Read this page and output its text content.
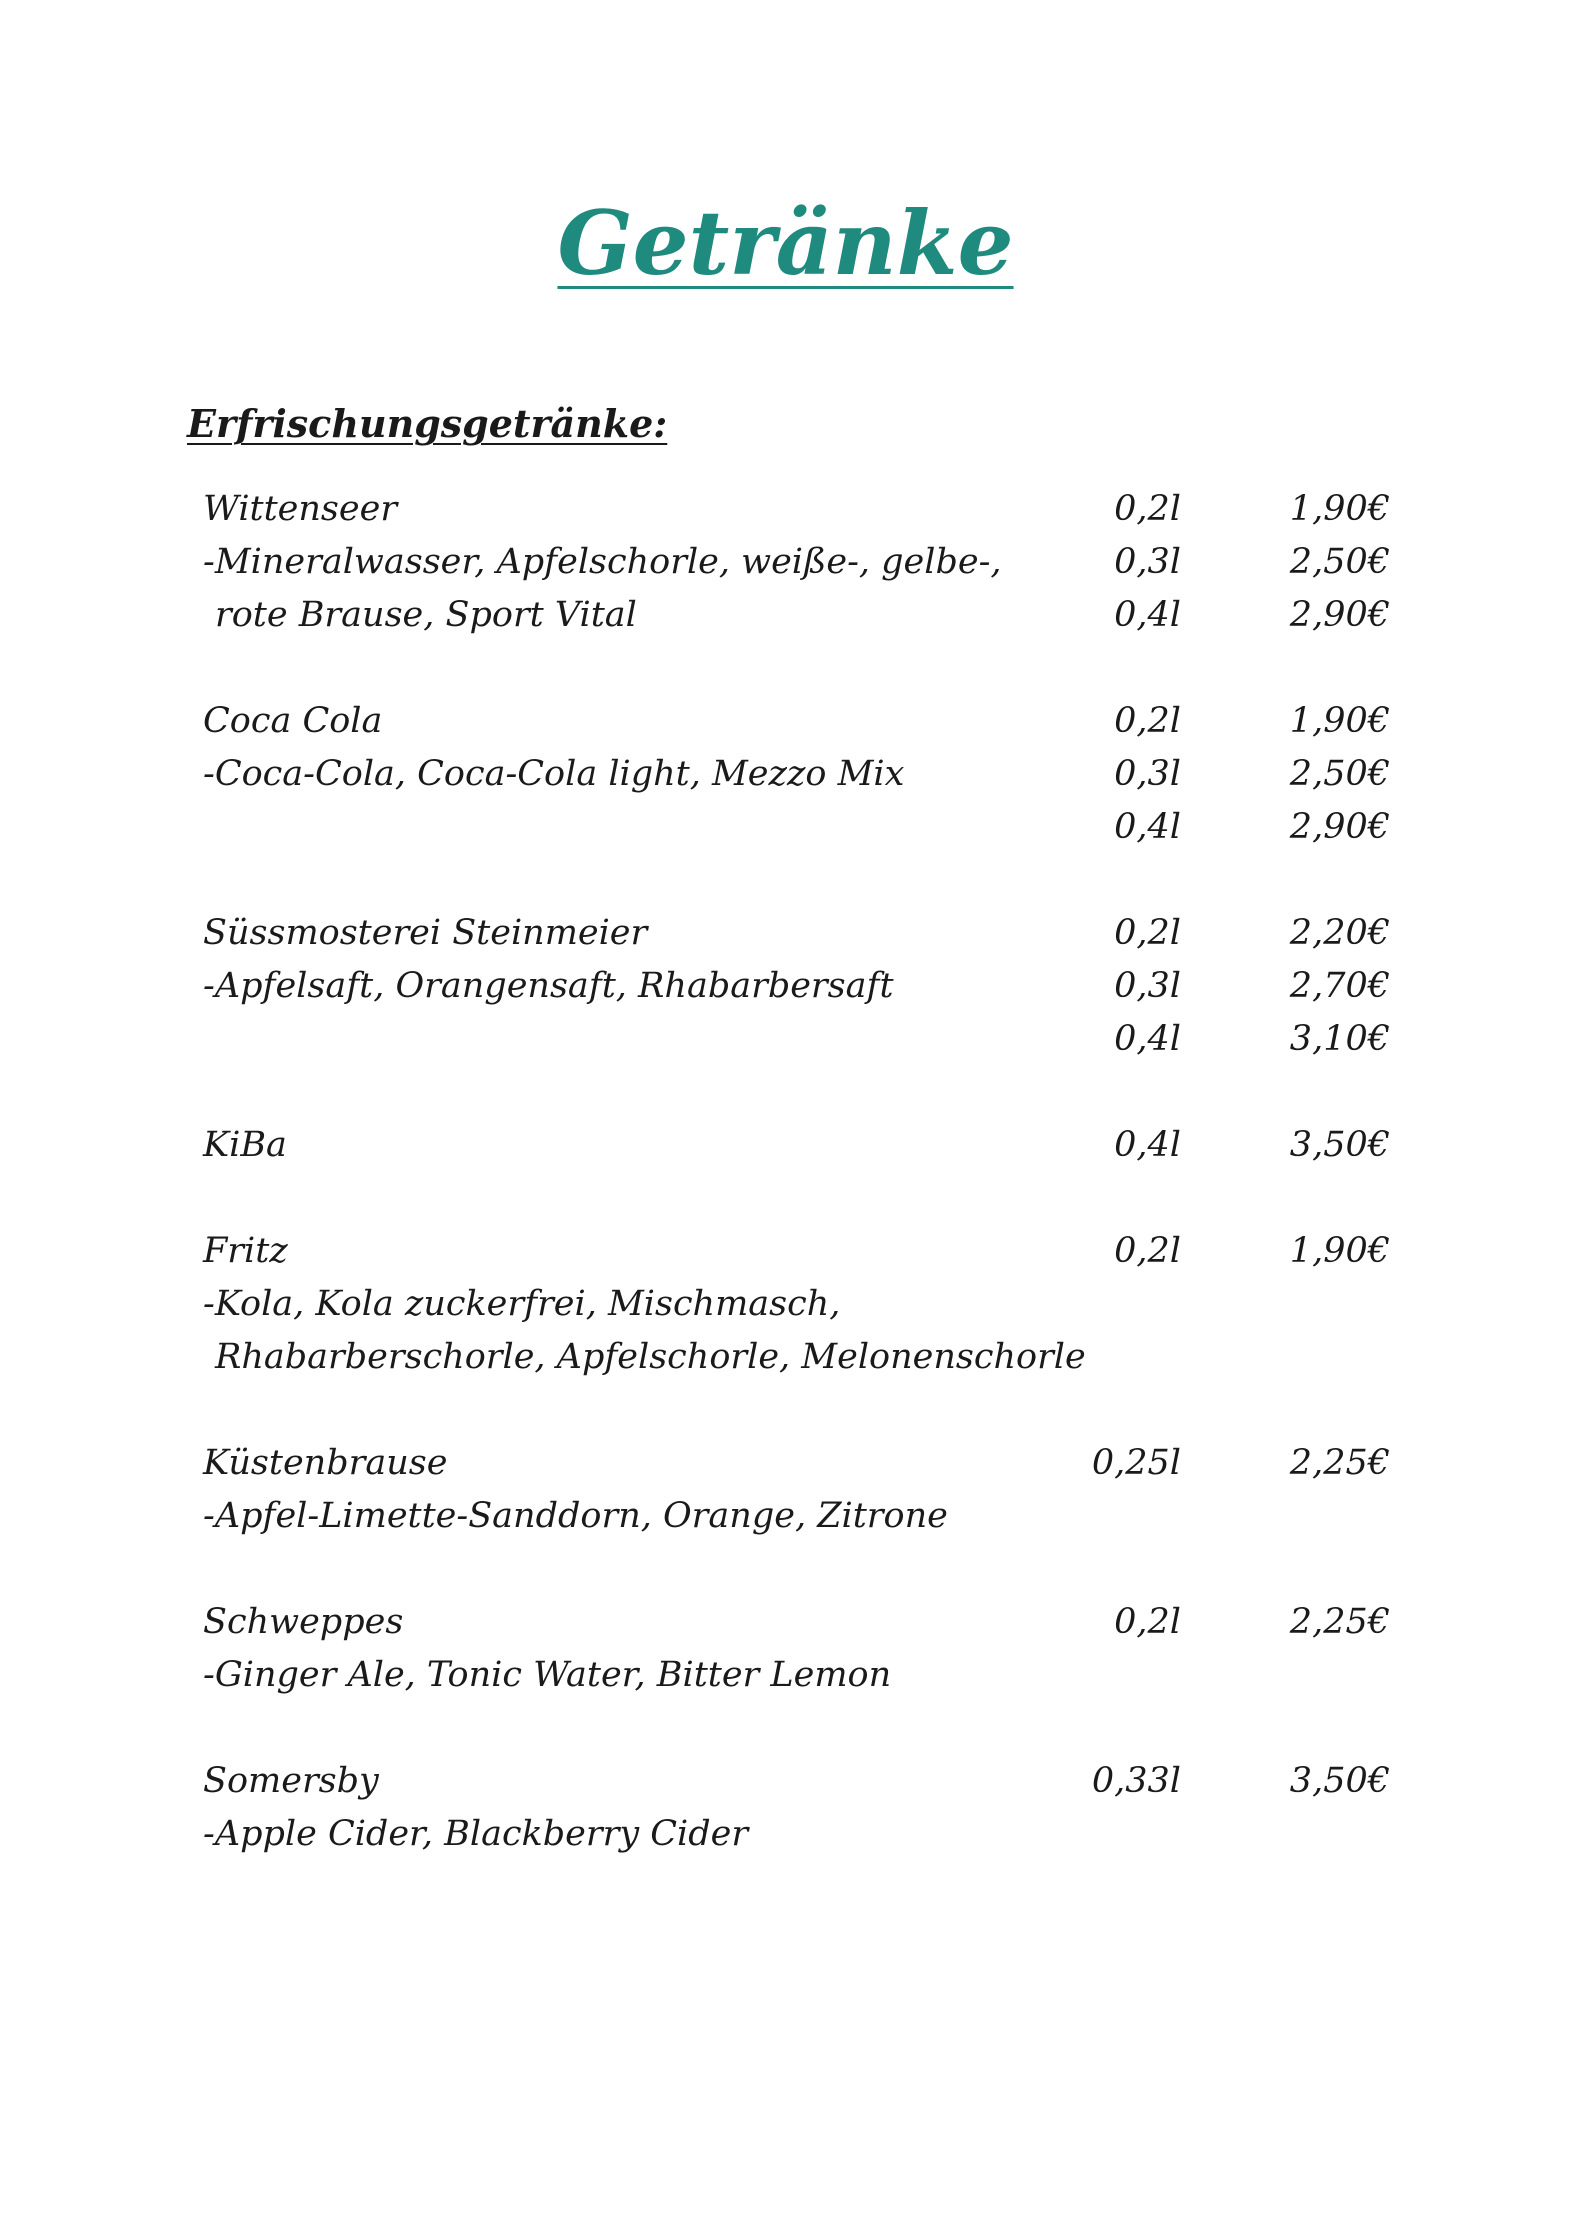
Getränke
Erfrischungsgetränke:
Wittenseer	0,2l	1,90€
-Mineralwasser, Apfelschorle, weiße-, gelbe-,	0,3l	2,50€
rote Brause, Sport Vital	0,4l	2,90€
Coca Cola	0,2l	1,90€
-Coca-Cola, Coca-Cola light, Mezzo Mix	0,3l	2,50€
0,4l	2,90€
Süssmosterei Steinmeier	0,2l	2,20€
-Apfelsaft, Orangensaft, Rhabarbersaft	0,3l	2,70€
0,4l	3,10€
KiBa	0,4l	3,50€
Fritz	0,2l	1,90€
-Kola, Kola zuckerfrei, Mischmasch,
Rhabarberschorle, Apfelschorle, Melonenschorle
Küstenbrause	0,25l	2,25€
-Apfel-Limette-Sanddorn, Orange, Zitrone
Schweppes	0,2l	2,25€
-Ginger Ale, Tonic Water, Bitter Lemon
Somersby	0,33l	3,50€
-Apple Cider, Blackberry Cider
